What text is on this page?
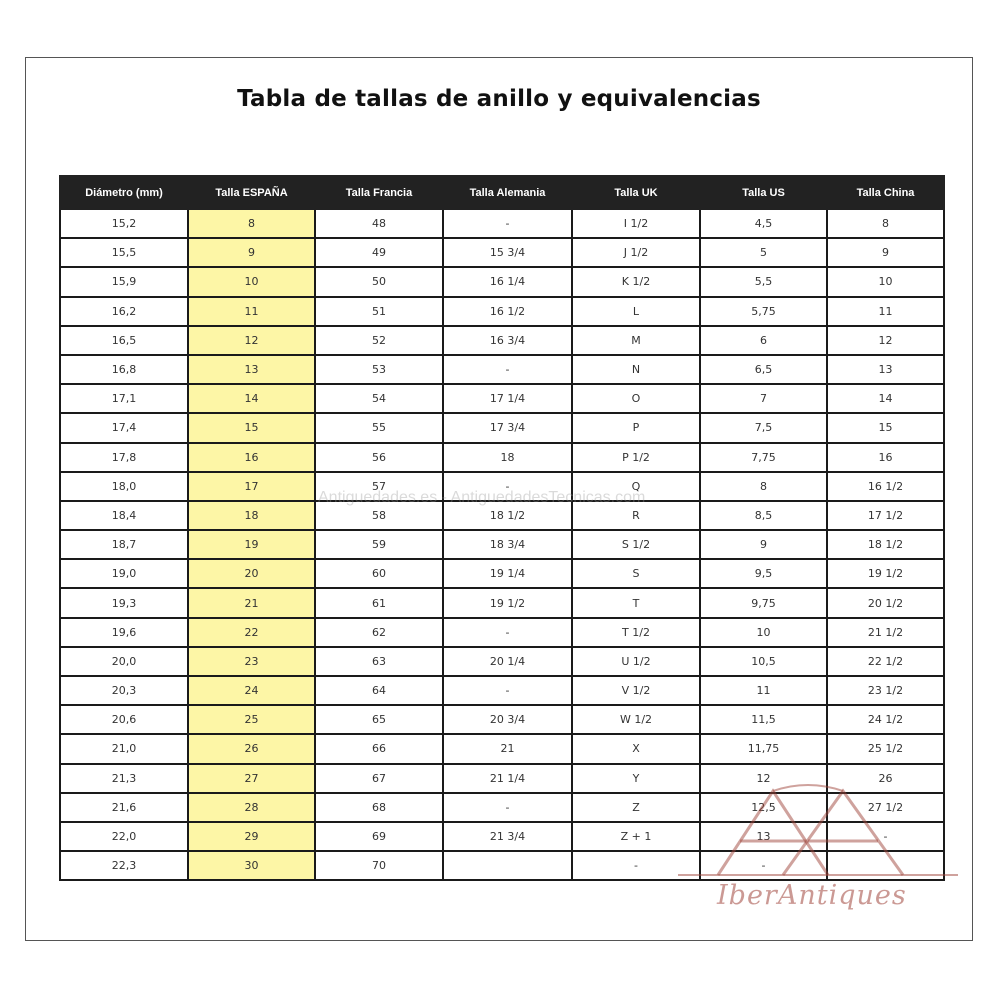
Tabla de tallas de anillo y equivalencias
Diámetro (mm)	Talla ESPAÑA	Talla Francia	Talla Alemania	Talla UK	Talla US	Talla China
15,2	8	48	-	I 1/2	4,5	8
15,5	9	49	15 3/4	J 1/2	5	9
15,9	10	50	16 1/4	K 1/2	5,5	10
16,2	11	51	16 1/2	L	5,75	11
16,5	12	52	16 3/4	M	6	12
16,8	13	53	-	N	6,5	13
17,1	14	54	17 1/4	O	7	14
17,4	15	55	17 3/4	P	7,5	15
17,8	16	56	18	P 1/2	7,75	16
18,0	17	57	-	Q	8	16 1/2
18,4	18	58	18 1/2	R	8,5	17 1/2
18,7	19	59	18 3/4	S 1/2	9	18 1/2
19,0	20	60	19 1/4	S	9,5	19 1/2
19,3	21	61	19 1/2	T	9,75	20 1/2
19,6	22	62	-	T 1/2	10	21 1/2
20,0	23	63	20 1/4	U 1/2	10,5	22 1/2
20,3	24	64	-	V 1/2	11	23 1/2
20,6	25	65	20 3/4	W 1/2	11,5	24 1/2
21,0	26	66	21	X	11,75	25 1/2
21,3	27	67	21 1/4	Y	12	26
21,6	28	68	-	Z	12,5	27 1/2
22,0	29	69	21 3/4	Z + 1	13	-
22,3	30	70		-	-	
Antiguedades.es - AntiguedadesTecnicas.com
IberAntiques
